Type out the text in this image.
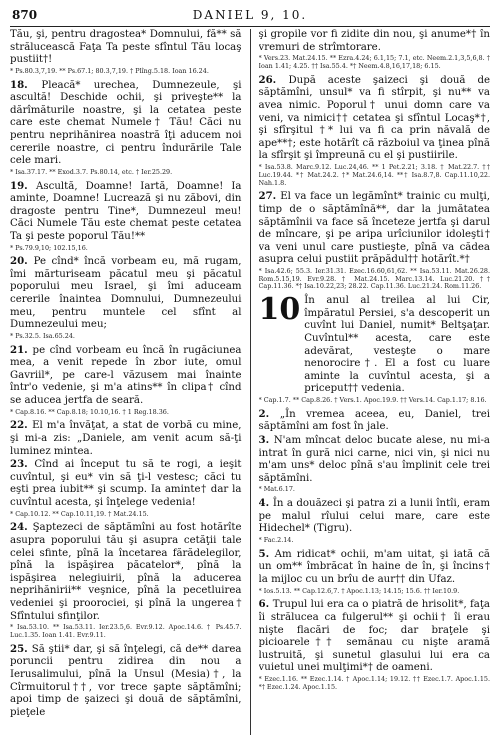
870	DANIEL 9, 10.

Tău, şi, pentru dragostea* Domnului, fă** să strălucească Faţa Ta peste sfîntul Tău locaş pustiit†!

* Ps.80.3,7,19. ** Ps.67.1; 80.3,7,19. † Plîng.5.18. Ioan 16.24.

18. Pleacă* urechea, Dumnezeule, şi ascultă! Deschide ochii, şi priveşte** la dărîmăturile noastre, şi la cetatea peste care este chemat Numele† Tău! Căci nu pentru neprihănirea noastră îţi aducem noi cererile noastre, ci pentru îndurările Tale cele mari.

* Isa.37.17. ** Exod.3.7. Ps.80.14, etc. † Ier.25.29.

19. Ascultă, Doamne! Iartă, Doamne! Ia aminte, Doamne! Lucrează şi nu zăbovi, din dragoste pentru Tine*, Dumnezeul meu! Căci Numele Tău este chemat peste cetatea Ta şi peste poporul Tău!**

* Ps.79.9,10; 102.15,16.

20. Pe cînd* încă vorbeam eu, mă rugam, îmi mărturiseam păcatul meu şi păcatul poporului meu Israel, şi îmi aduceam cererile înaintea Domnului, Dumnezeului meu, pentru muntele cel sfînt al Dumnezeului meu;

* Ps.32.5. Isa.65.24.

21. pe cînd vorbeam eu încă în rugăciunea mea, a venit repede în zbor iute, omul Gavriil*, pe care-l văzusem mai înainte într'o vedenie, şi m'a atins** în clipa† cînd se aducea jertfa de seară.

* Cap.8.16. ** Cap.8.18; 10.10,16. † 1 Reg.18.36.

22. El m'a învăţat, a stat de vorbă cu mine, şi mi-a zis: „Daniele, am venit acum să-ţi luminez mintea.

23. Cînd ai început tu să te rogi, a ieşit cuvîntul, şi eu* vin să ţi-l vestesc; căci tu eşti prea iubit** şi scump. Ia aminte† dar la cuvîntul acesta, şi înţelege vedenia!

* Cap.10.12. ** Cap.10.11,19. † Mat.24.15.

24. Şaptezeci de săptămîni au fost hotărîte asupra poporului tău şi asupra cetăţii tale celei sfinte, pînă la încetarea fărădelegilor, pînă la ispăşirea păcatelor*, pînă la ispăşirea nelegiuirii, pînă la aducerea neprihănirii** veşnice, pînă la pecetluirea vedeniei şi proorociei, şi pînă la ungerea† Sfîntului sfinţilor.

* Isa.53.10. ** Isa.53.11. Ier.23.5,6. Evr.9.12. Apoc.14.6. † Ps.45.7. Luc.1.35. Ioan 1.41. Evr.9.11.

25. Să ştii* dar, şi să înţelegi, că de** darea poruncii pentru zidirea din nou a Ierusalimului, pînă la Unsul (Mesia)†, la Cîrmuitorul††, vor trece şapte săptămîni; apoi timp de şaizeci şi două de săptămîni, pieţele

şi gropile vor fi zidite din nou, şi anume*† în vremuri de strîmtorare.

* Vers.23. Mat.24.15. ** Ezra.4.24; 6.1,15; 7.1, etc. Neem.2.1,3,5,6,8. † Ioan 1.41; 4.25. †† Isa.55.4. *† Neem.4.8,16,17,18; 6.15.

26. După aceste şaizeci şi două de săptămîni, unsul* va fi stîrpit, şi nu** va avea nimic. Poporul† unui domn care va veni, va nimici†† cetatea şi sfîntul Locaş*†, şi sfîrşitul †* lui va fi ca prin năvală de ape**†; este hotărît că războiul va ţinea pînă la sfîrşit şi împreună cu el şi pustiirile.

* Isa.53.8. Marc.9.12. Luc.24,46. ** 1 Pet.2.21; 3.18. † Mat.22.7. †† Luc.19.44. *† Mat.24.2. †* Mat.24.6,14. **† Isa.8.7,8. Cap.11.10,22. Nah.1.8.

27. El va face un legămînt* trainic cu mulţi, timp de o săptămînă**, dar la jumătatea săptămînii va face să înceteze jertfa şi darul de mîncare, şi pe aripa urîciunilor idoleşti† va veni unul care pustieşte, pînă va cădea asupra celui pustiit prăpădul†† hotărît.*†

* Isa.42.6; 55.3. Ier.31.31. Ezec.16.60,61,62. ** Isa.53.11. Mat.26.28. Rom.5.15,19. Evr.9.28. † Mat.24.15. Marc.13.14. Luc.21.20. †† Cap.11.36. *† Isa.10.22,23; 28.22. Cap.11.36. Luc.21.24. Rom.11.26.

10 În anul al treilea al lui Cir, împăratul Persiei, s'a descoperit un cuvînt lui Daniel, numit* Beltşaţar. Cuvîntul** acesta, care este adevărat, vesteşte o mare nenorocire†. El a fost cu luare aminte la cuvîntul acesta, şi a priceput†† vedenia.

* Cap.1.7. ** Cap.8.26. † Vers.1. Apoc.19.9. †† Vers.14. Cap.1.17; 8.16.

2. „În vremea aceea, eu, Daniel, trei săptămîni am fost în jale.

3. N'am mîncat deloc bucate alese, nu mi-a intrat în gură nici carne, nici vin, şi nici nu m'am uns* deloc pînă s'au împlinit cele trei săptămîni.

* Mat.6.17.

4. În a douăzeci şi patra zi a lunii întîi, eram pe malul rîului celui mare, care este Hidechel* (Tigru).

* Fac.2.14.

5. Am ridicat* ochii, m'am uitat, şi iată că un om** îmbrăcat în haine de în, şi încins† la mijloc cu un brîu de aur†† din Ufaz.

* Ios.5.13. ** Cap.12.6,7. † Apoc.1.13; 14.15; 15.6. †† Ier.10.9.

6. Trupul lui era ca o piatră de hrisolit*, faţa îi strălucea ca fulgerul** şi ochii† îi erau nişte flacări de foc; dar braţele şi picioarele†† semănau cu nişte aramă lustruită, şi sunetul glasului lui era ca vuietul unei mulţimi*† de oameni.

* Ezec.1.16. ** Ezec.1.14. † Apoc.1.14; 19.12. †† Ezec.1.7. Apoc.1.15. *† Ezec.1.24. Apoc.1.15.
